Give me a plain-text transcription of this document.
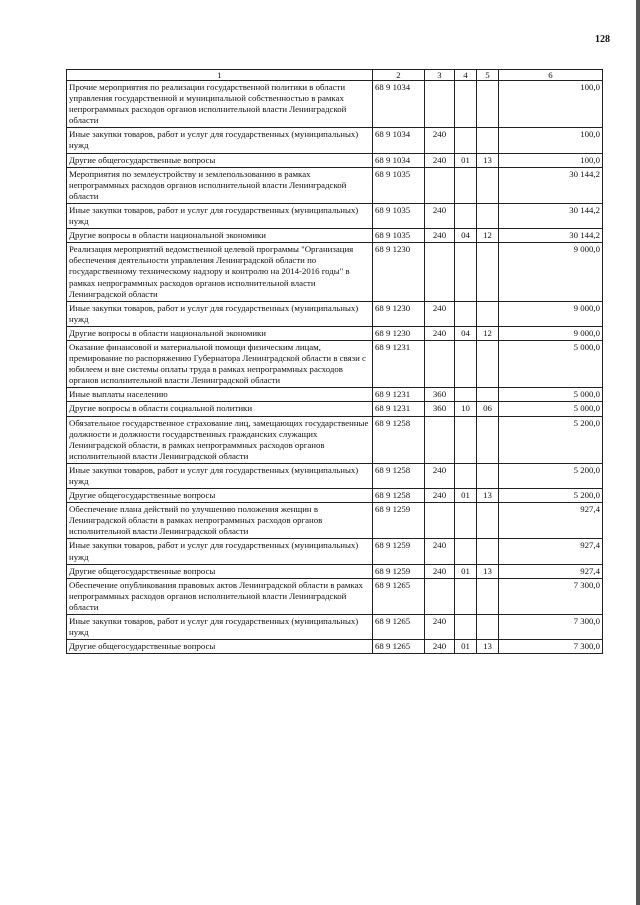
128
1	2	3	4	5	6
Прочие мероприятия по реализации государственной политики в области управления государственной и муниципальной собственностью в рамках непрограммных расходов органов исполнительной власти Ленинградской области	68 9 1034				100,0
Иные закупки товаров, работ и услуг для государственных (муниципальных) нужд	68 9 1034	240			100,0
Другие общегосударственные вопросы	68 9 1034	240	01	13	100,0
Мероприятия по землеустройству и землепользованию в рамках непрограммных расходов органов исполнительной власти Ленинградской области	68 9 1035				30 144,2
Иные закупки товаров, работ и услуг для государственных (муниципальных) нужд	68 9 1035	240			30 144,2
Другие вопросы в области национальной экономики	68 9 1035	240	04	12	30 144,2
Реализация мероприятий ведомственной целевой программы "Организация обеспечения деятельности управления Ленинградской области по государственному техническому надзору и контролю на 2014-2016 годы" в рамках непрограммных расходов органов исполнительной власти Ленинградской области	68 9 1230				9 000,0
Иные закупки товаров, работ и услуг для государственных (муниципальных) нужд	68 9 1230	240			9 000,0
Другие вопросы в области национальной экономики	68 9 1230	240	04	12	9 000,0
Оказание финансовой и материальной помощи физическим лицам, премирование по распоряжению Губернатора Ленинградской области в связи с юбилеем и вне системы оплаты труда в рамках непрограммных расходов органов исполнительной власти Ленинградской области	68 9 1231				5 000,0
Иные выплаты населению	68 9 1231	360			5 000,0
Другие вопросы в области социальной политики	68 9 1231	360	10	06	5 000,0
Обязательное государственное страхование лиц, замещающих государственные должности и должности государственных гражданских служащих Ленинградской области, в рамках непрограммных расходов органов исполнительной власти Ленинградской области	68 9 1258				5 200,0
Иные закупки товаров, работ и услуг для государственных (муниципальных) нужд	68 9 1258	240			5 200,0
Другие общегосударственные вопросы	68 9 1258	240	01	13	5 200,0
Обеспечение плана действий по улучшению положения женщин в Ленинградской области в рамках непрограммных расходов органов исполнительной власти Ленинградской области	68 9 1259				927,4
Иные закупки товаров, работ и услуг для государственных (муниципальных) нужд	68 9 1259	240			927,4
Другие общегосударственные вопросы	68 9 1259	240	01	13	927,4
Обеспечение опубликования правовых актов Ленинградской области в рамках непрограммных расходов органов исполнительной власти Ленинградской области	68 9 1265				7 300,0
Иные закупки товаров, работ и услуг для государственных (муниципальных) нужд	68 9 1265	240			7 300,0
Другие общегосударственные вопросы	68 9 1265	240	01	13	7 300,0
